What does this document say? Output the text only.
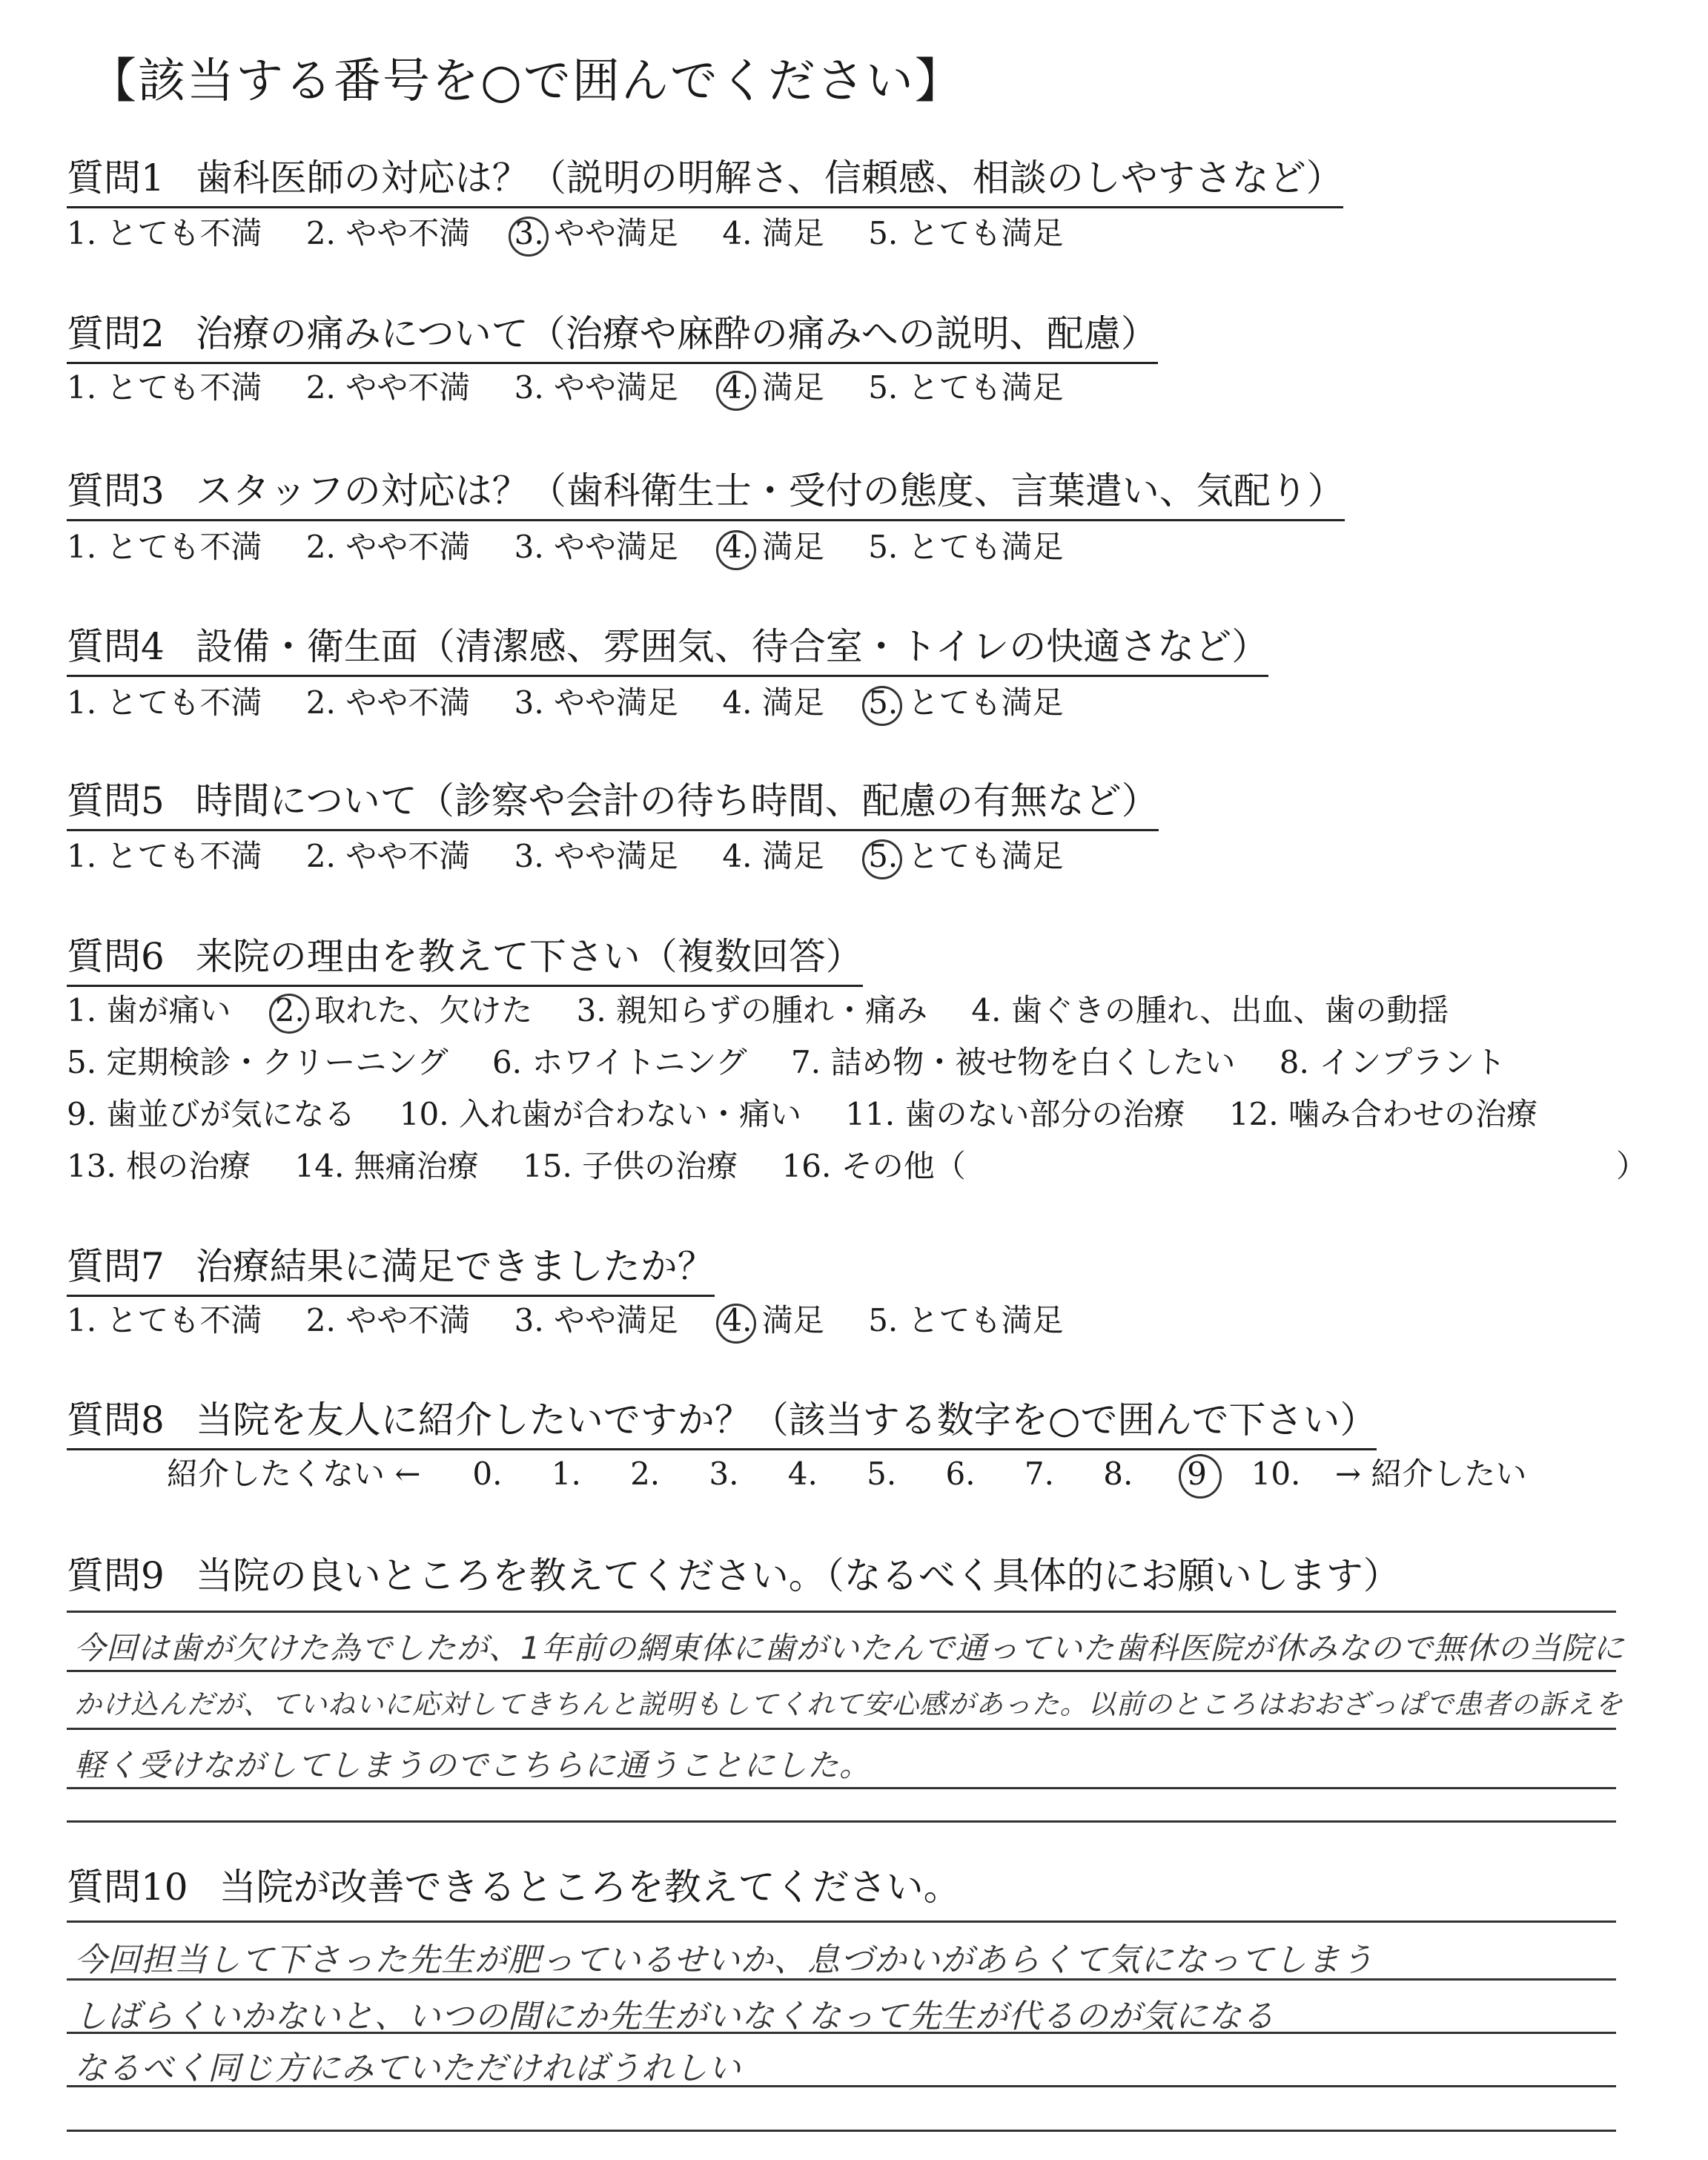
【該当する番号を○で囲んでください】
質問1 歯科医師の対応は？（説明の明解さ、信頼感、相談のしやすさなど）
1. とても不満 2. やや不満 3. やや満足 4. 満足 5. とても満足
質問2 治療の痛みについて（治療や麻酔の痛みへの説明、配慮）
1. とても不満 2. やや不満 3. やや満足 4. 満足 5. とても満足
質問3 スタッフの対応は？（歯科衛生士・受付の態度、言葉遣い、気配り）
1. とても不満 2. やや不満 3. やや満足 4. 満足 5. とても満足
質問4 設備・衛生面（清潔感、雰囲気、待合室・トイレの快適さなど）
1. とても不満 2. やや不満 3. やや満足 4. 満足 5. とても満足
質問5 時間について（診察や会計の待ち時間、配慮の有無など）
1. とても不満 2. やや不満 3. やや満足 4. 満足 5. とても満足
質問6 来院の理由を教えて下さい（複数回答）
1. 歯が痛い 2. 取れた、欠けた 3. 親知らずの腫れ・痛み 4. 歯ぐきの腫れ、出血、歯の動揺
5. 定期検診・クリーニング 6. ホワイトニング 7. 詰め物・被せ物を白くしたい 8. インプラント
9. 歯並びが気になる 10. 入れ歯が合わない・痛い 11. 歯のない部分の治療 12. 噛み合わせの治療
13. 根の治療 14. 無痛治療 15. 子供の治療 16. その他（	）
質問7 治療結果に満足できましたか？
1. とても不満 2. やや不満 3. やや満足 4. 満足 5. とても満足
質問8 当院を友人に紹介したいですか？（該当する数字を○で囲んで下さい）
紹介したくない ← 0. 1. 2. 3. 4. 5. 6. 7. 8. 9 10. → 紹介したい
質問9 当院の良いところを教えてください。（なるべく具体的にお願いします）
今回は歯が欠けた為でしたが、1年前の網東体に歯がいたんで通っていた歯科医院が休みなので無休の当院に
かけ込んだが、ていねいに応対してきちんと説明もしてくれて安心感があった。以前のところはおおざっぱで患者の訴えを
軽く受けながしてしまうのでこちらに通うことにした。
質問10 当院が改善できるところを教えてください。
今回担当して下さった先生が肥っているせいか、息づかいがあらくて気になってしまう
しばらくいかないと、いつの間にか先生がいなくなって先生が代るのが気になる
なるべく同じ方にみていただければうれしい
